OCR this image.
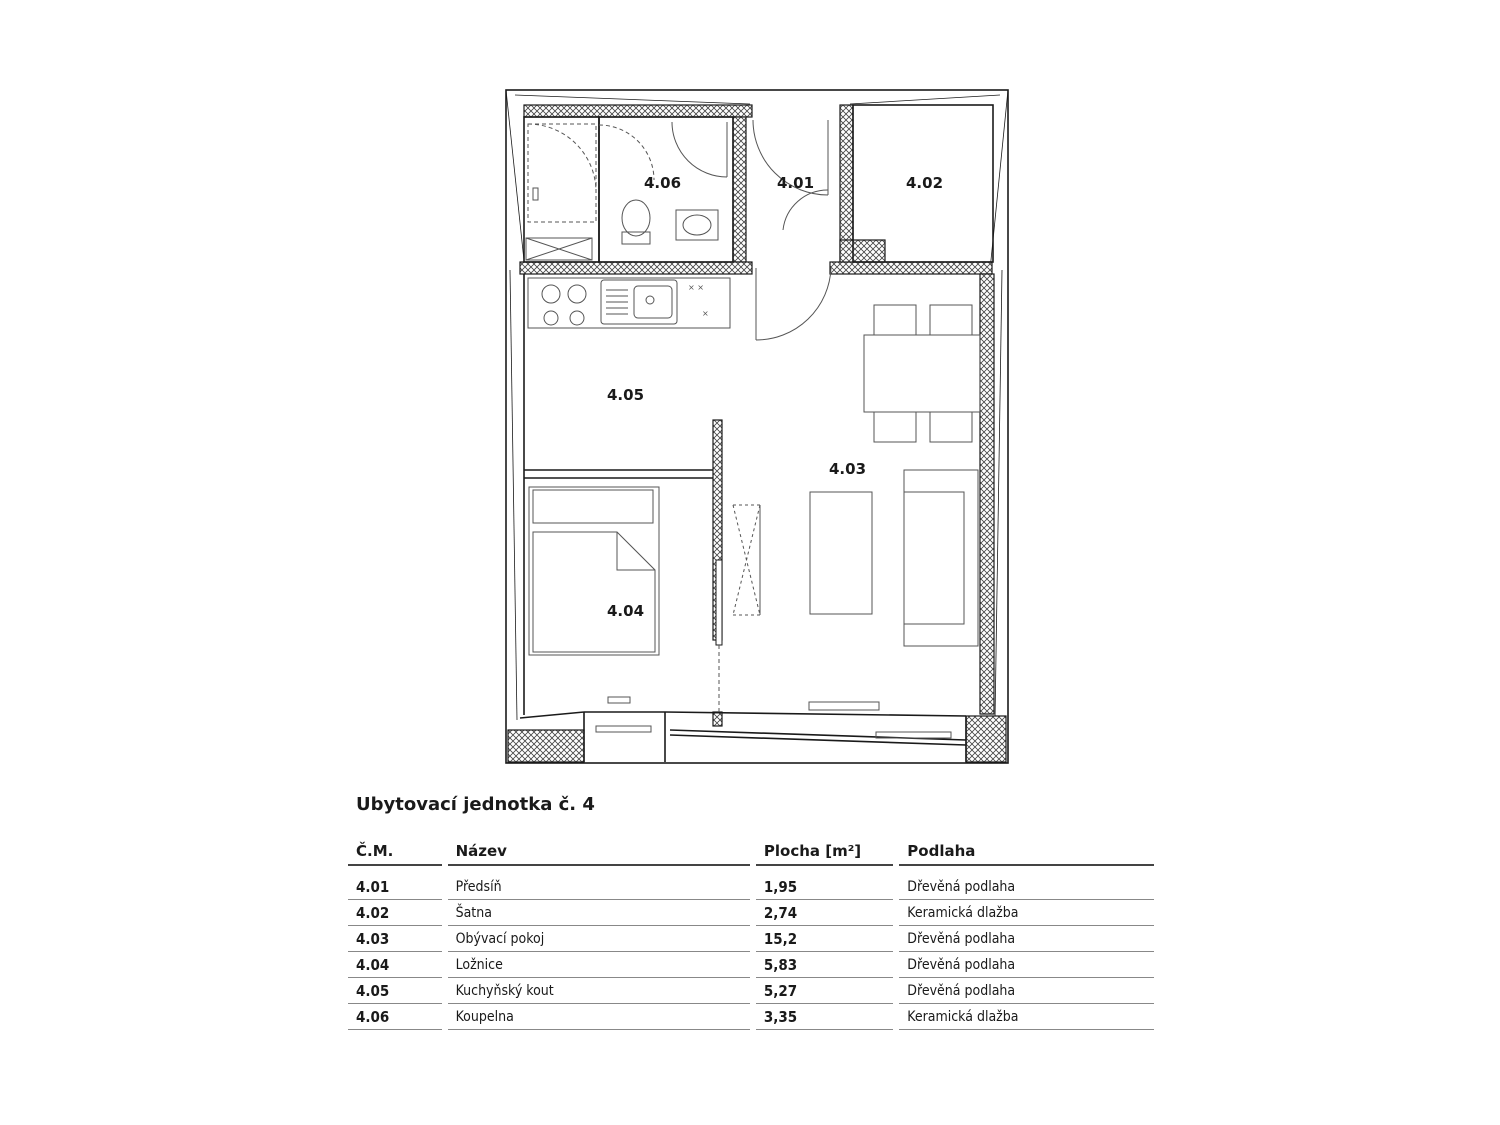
× ×
×
4.06	4.01	4.02
4.05
4.03
4.04
Ubytovací jednotka č. 4
Č.M.		Název		Plocha [m²]		Podlaha

4.01		Předsíň		1,95		Dřevěná podlaha
4.02		Šatna		2,74		Keramická dlažba
4.03		Obývací pokoj		15,2		Dřevěná podlaha
4.04		Ložnice		5,83		Dřevěná podlaha
4.05		Kuchyňský kout		5,27		Dřevěná podlaha
4.06		Koupelna		3,35		Keramická dlažba
